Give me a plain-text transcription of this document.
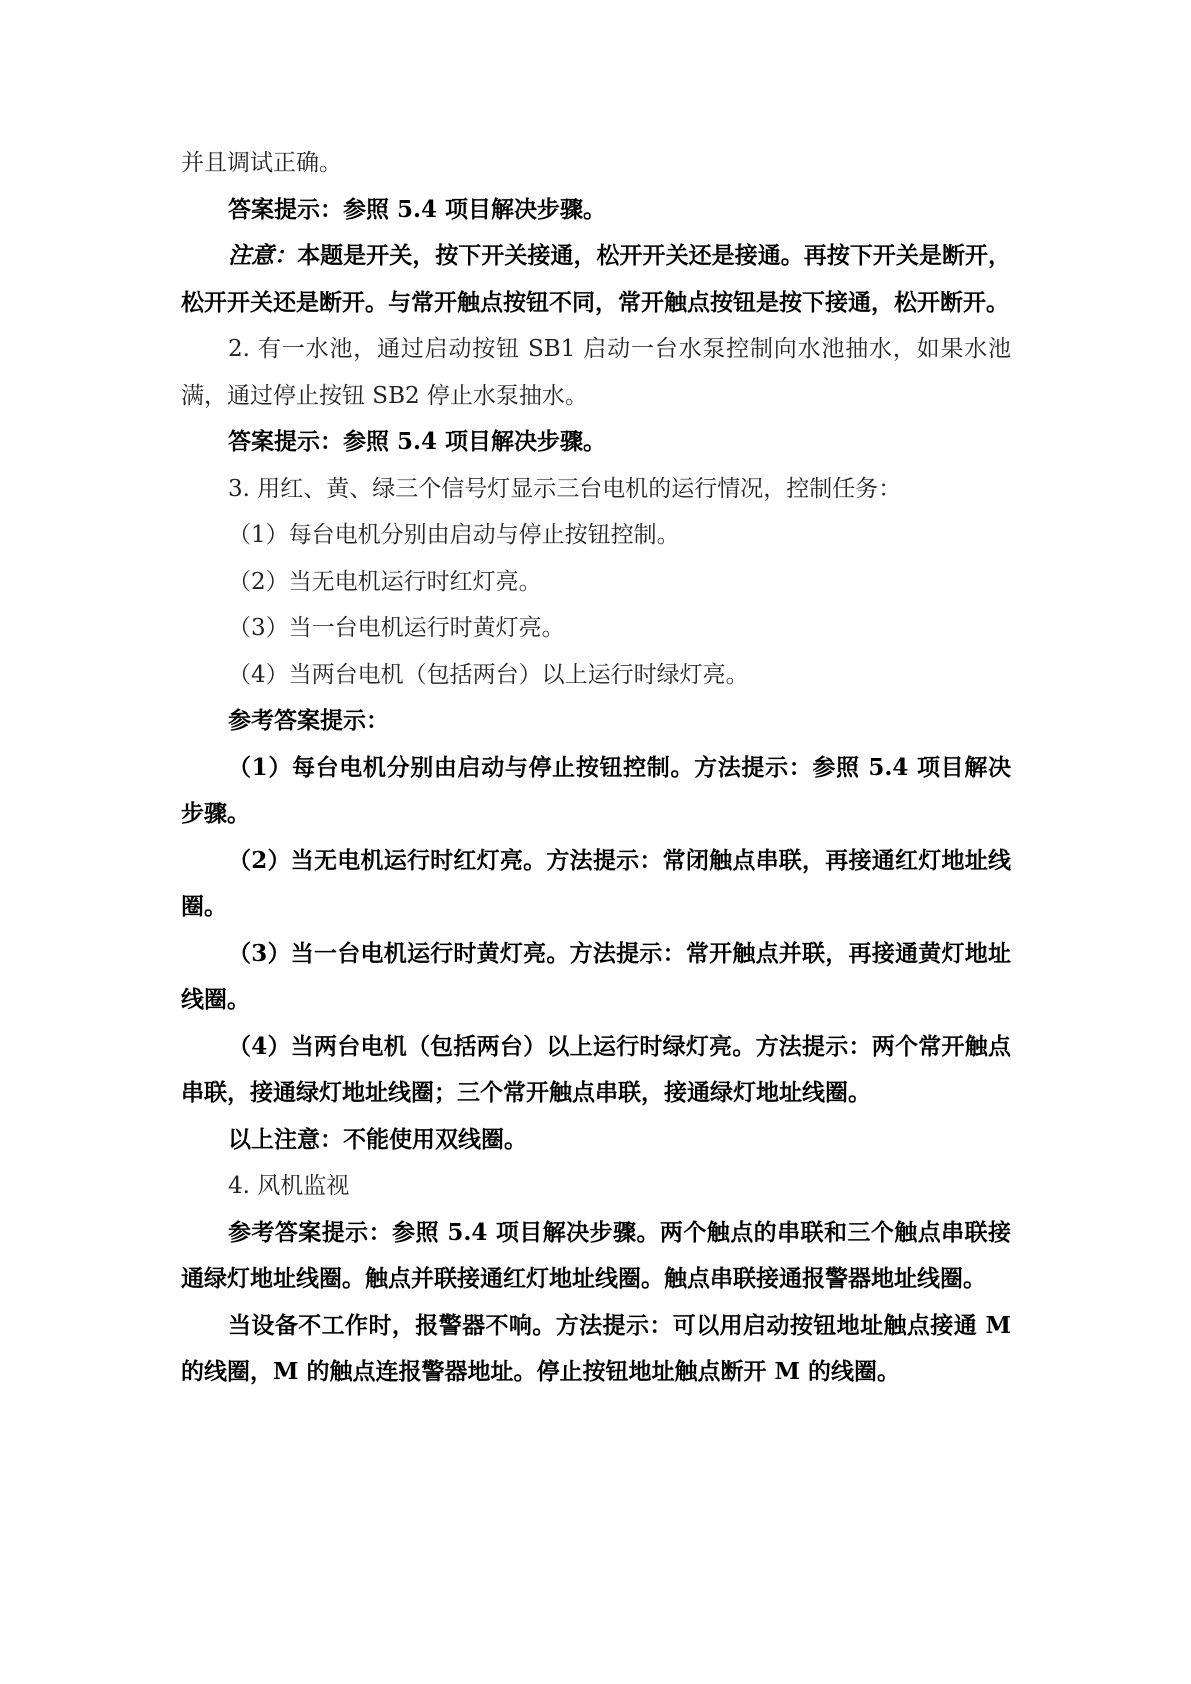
并且调试正确。

答案提示：参照 5.4 项目解决步骤。

注意：本题是开关，按下开关接通，松开开关还是接通。再按下开关是断开，松开开关还是断开。与常开触点按钮不同，常开触点按钮是按下接通，松开断开。

2. 有一水池，通过启动按钮 SB1 启动一台水泵控制向水池抽水，如果水池满，通过停止按钮 SB2 停止水泵抽水。

答案提示：参照 5.4 项目解决步骤。

3. 用红、黄、绿三个信号灯显示三台电机的运行情况，控制任务：

（1）每台电机分别由启动与停止按钮控制。

（2）当无电机运行时红灯亮。

（3）当一台电机运行时黄灯亮。

（4）当两台电机（包括两台）以上运行时绿灯亮。

参考答案提示：

（1）每台电机分别由启动与停止按钮控制。方法提示：参照 5.4 项目解决步骤。

（2）当无电机运行时红灯亮。方法提示：常闭触点串联，再接通红灯地址线圈。

（3）当一台电机运行时黄灯亮。方法提示：常开触点并联，再接通黄灯地址线圈。

（4）当两台电机（包括两台）以上运行时绿灯亮。方法提示：两个常开触点串联，接通绿灯地址线圈；三个常开触点串联，接通绿灯地址线圈。

以上注意：不能使用双线圈。

4. 风机监视

参考答案提示：参照 5.4 项目解决步骤。两个触点的串联和三个触点串联接通绿灯地址线圈。触点并联接通红灯地址线圈。触点串联接通报警器地址线圈。

当设备不工作时，报警器不响。方法提示：可以用启动按钮地址触点接通 M 的线圈，M 的触点连报警器地址。停止按钮地址触点断开 M 的线圈。
